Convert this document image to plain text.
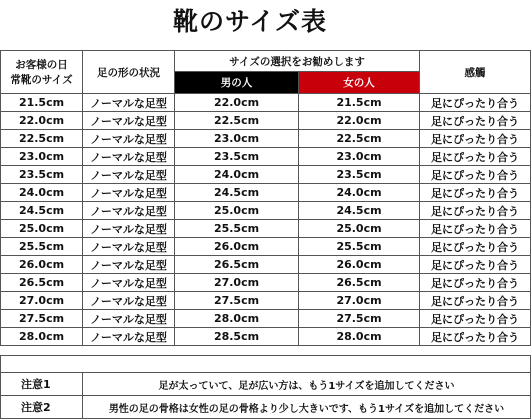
靴のサイズ表
お客様の日
常靴のサイズ	足の形の状況	サイズの選択をお勧めします		感觸
		男の人	女の人	
21.5cm	ノーマルな足型	22.0cm	21.5cm	足にぴったり合う
22.0cm	ノーマルな足型	22.5cm	22.0cm	足にぴったり合う
22.5cm	ノーマルな足型	23.0cm	22.5cm	足にぴったり合う
23.0cm	ノーマルな足型	23.5cm	23.0cm	足にぴったり合う
23.5cm	ノーマルな足型	24.0cm	23.5cm	足にぴったり合う
24.0cm	ノーマルな足型	24.5cm	24.0cm	足にぴったり合う
24.5cm	ノーマルな足型	25.0cm	24.5cm	足にぴったり合う
25.0cm	ノーマルな足型	25.5cm	25.0cm	足にぴったり合う
25.5cm	ノーマルな足型	26.0cm	25.5cm	足にぴったり合う
26.0cm	ノーマルな足型	26.5cm	26.0cm	足にぴったり合う
26.5cm	ノーマルな足型	27.0cm	26.5cm	足にぴったり合う
27.0cm	ノーマルな足型	27.5cm	27.0cm	足にぴったり合う
27.5cm	ノーマルな足型	28.0cm	27.5cm	足にぴったり合う
28.0cm	ノーマルな足型	28.5cm	28.0cm	足にぴったり合う

注意1	足が太っていて、足が広い方は、もう1サイズを追加してください
注意2	男性の足の骨格は女性の足の骨格より少し大きいです、もう1サイズを追加してください
